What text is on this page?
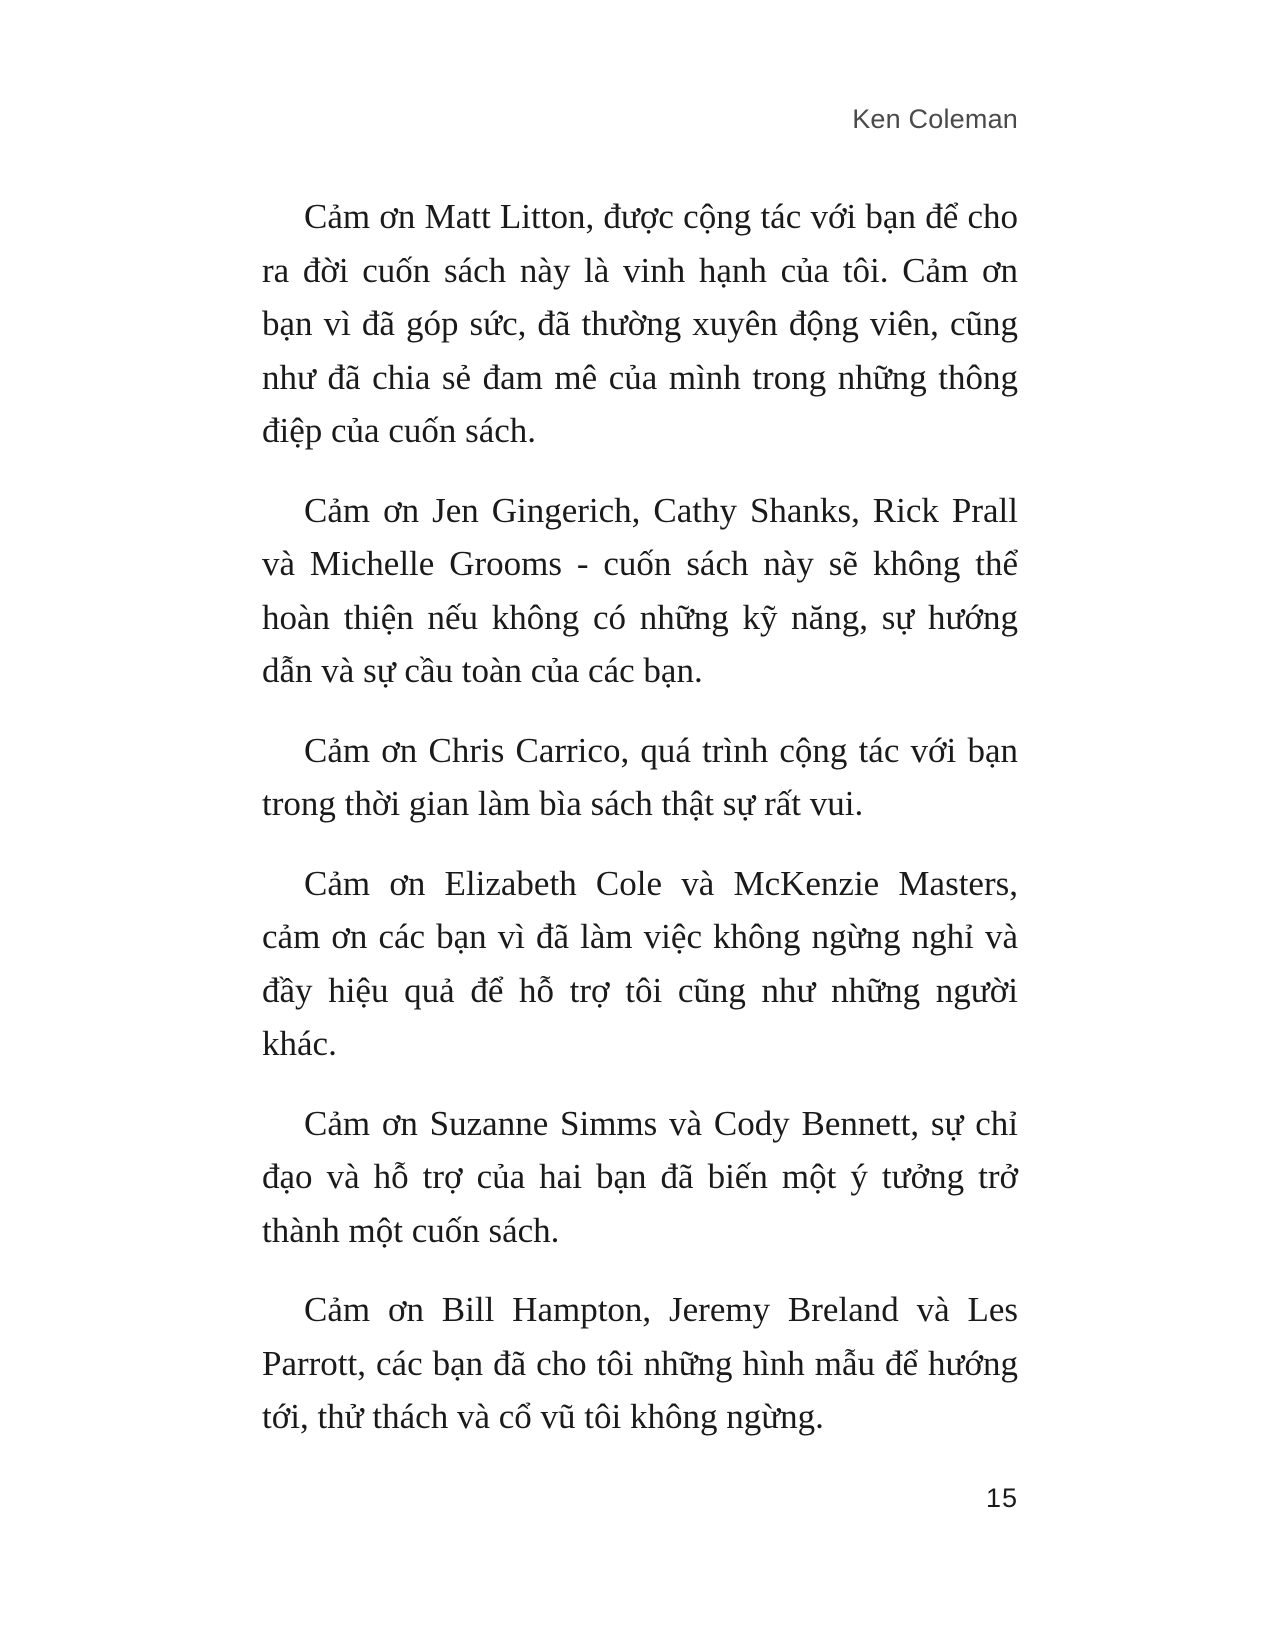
Ken Coleman

Cảm ơn Matt Litton, được cộng tác với bạn để cho ra đời cuốn sách này là vinh hạnh của tôi. Cảm ơn bạn vì đã góp sức, đã thường xuyên động viên, cũng như đã chia sẻ đam mê của mình trong những thông điệp của cuốn sách.

Cảm ơn Jen Gingerich, Cathy Shanks, Rick Prall và Michelle Grooms - cuốn sách này sẽ không thể hoàn thiện nếu không có những kỹ năng, sự hướng dẫn và sự cầu toàn của các bạn.

Cảm ơn Chris Carrico, quá trình cộng tác với bạn trong thời gian làm bìa sách thật sự rất vui.

Cảm ơn Elizabeth Cole và McKenzie Masters, cảm ơn các bạn vì đã làm việc không ngừng nghỉ và đầy hiệu quả để hỗ trợ tôi cũng như những người khác.

Cảm ơn Suzanne Simms và Cody Bennett, sự chỉ đạo và hỗ trợ của hai bạn đã biến một ý tưởng trở thành một cuốn sách.

Cảm ơn Bill Hampton, Jeremy Breland và Les Parrott, các bạn đã cho tôi những hình mẫu để hướng tới, thử thách và cổ vũ tôi không ngừng.

15
